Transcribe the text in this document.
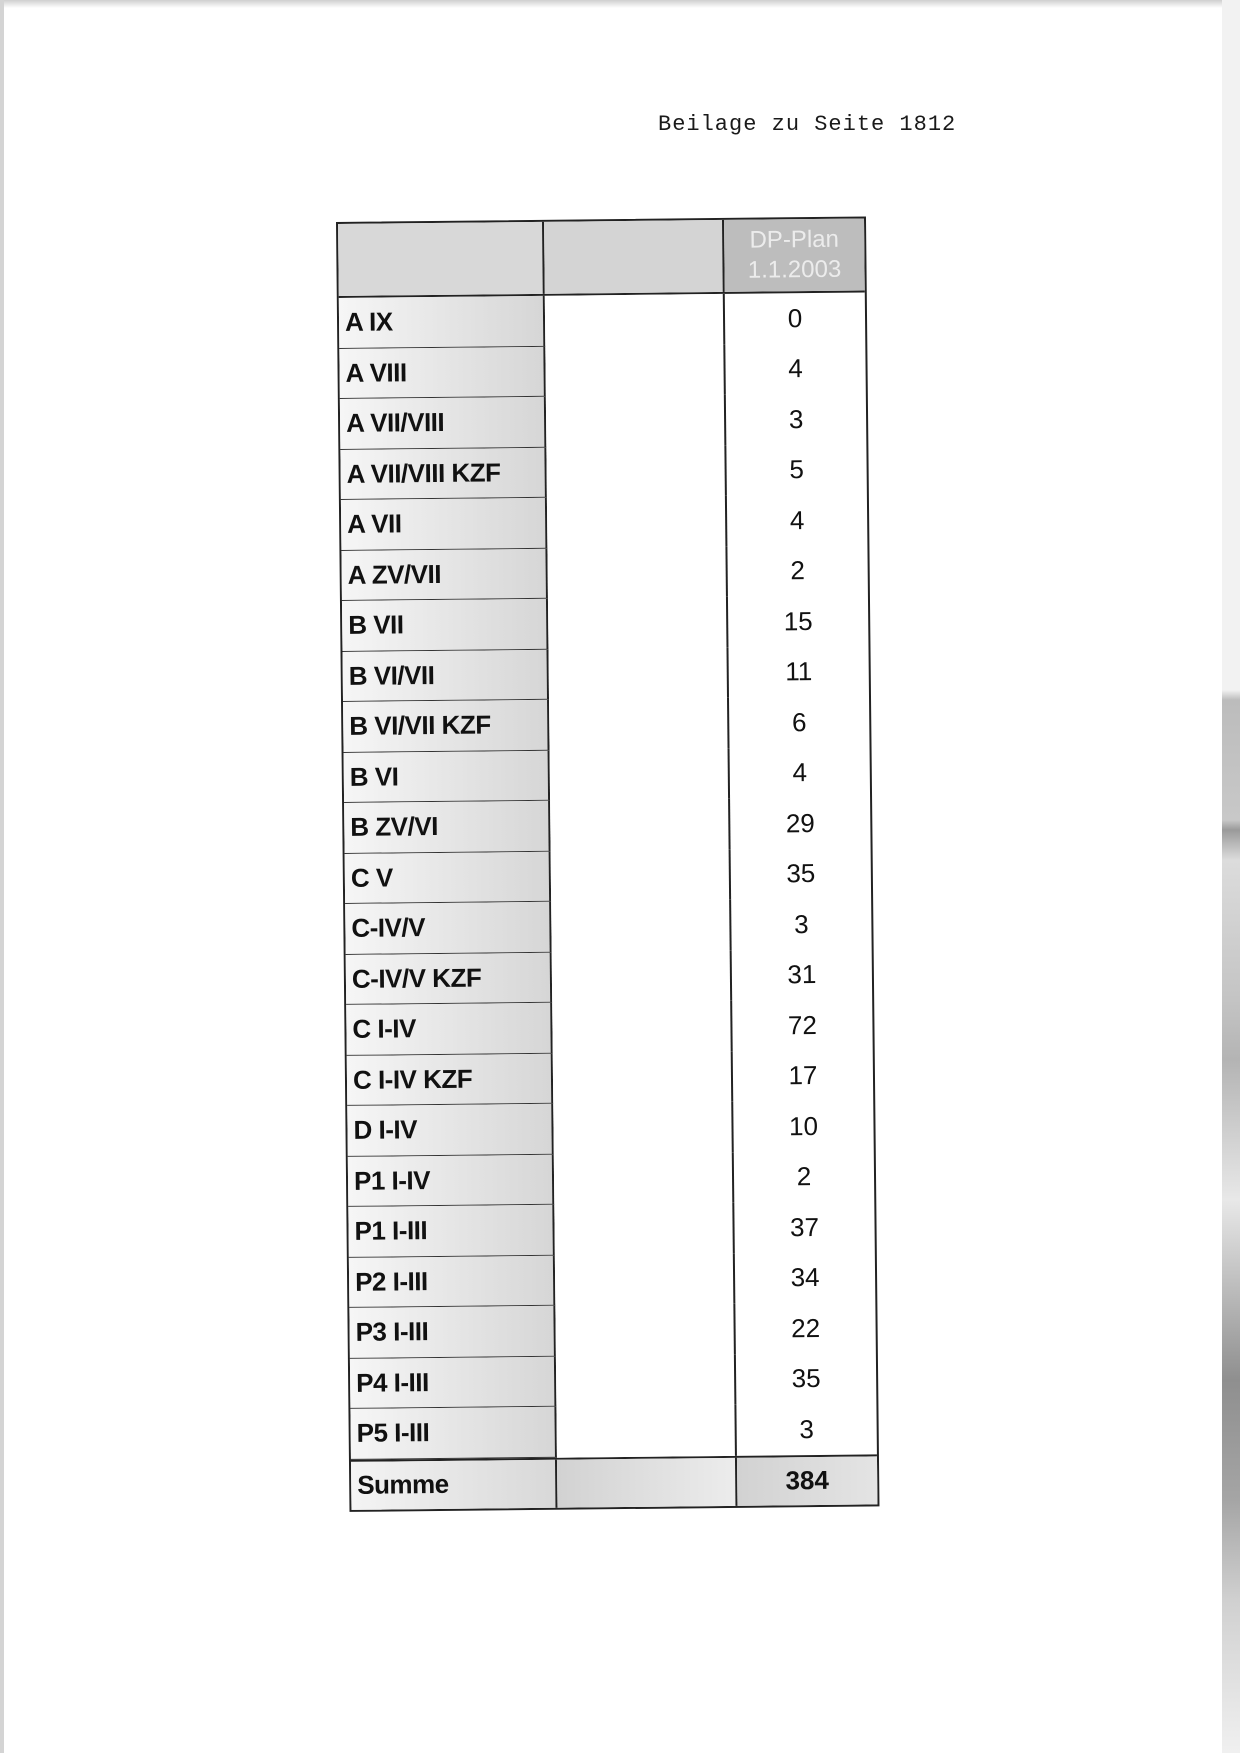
Beilage zu Seite 1812
DP-Plan
1.1.2003
A IX	0
A VIII	4
A VII/VIII	3
A VII/VIII KZF	5
A VII	4
A ZV/VII	2
B VII	15
B VI/VII	11
B VI/VII KZF	6
B VI	4
B ZV/VI	29
C V	35
C-IV/V	3
C-IV/V KZF	31
C I-IV	72
C I-IV KZF	17
D I-IV	10
P1 I-IV	2
P1 I-III	37
P2 I-III	34
P3 I-III	22
P4 I-III	35
P5 I-III	3
Summe	384
